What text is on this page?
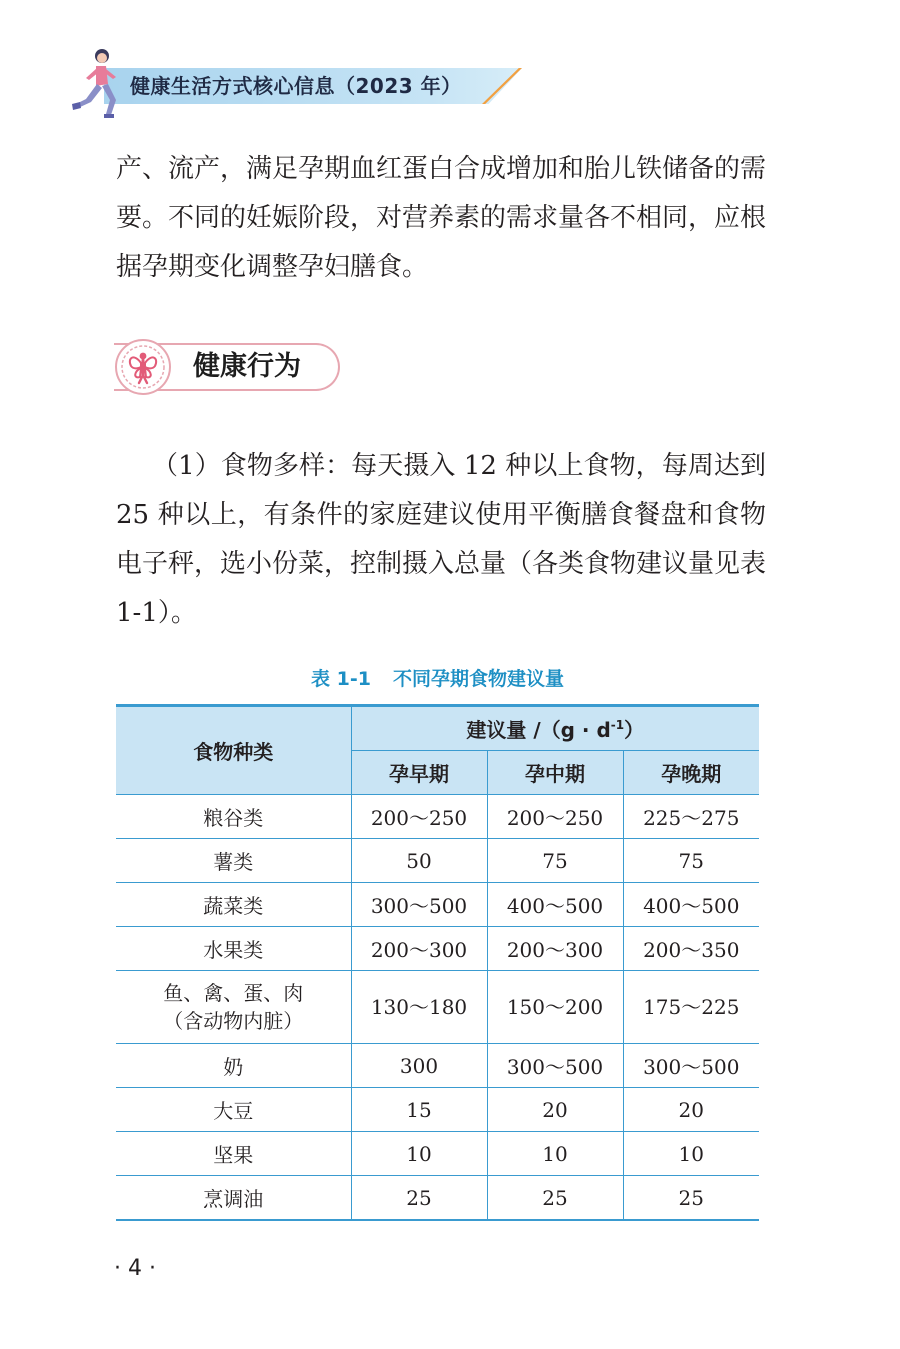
健康生活方式核心信息（2023 年）

产、流产，满足孕期血红蛋白合成增加和胎儿铁储备的需要。不同的妊娠阶段，对营养素的需求量各不相同，应根据孕期变化调整孕妇膳食。

健康行为

（1）食物多样：每天摄入 12 种以上食物，每周达到 25 种以上，有条件的家庭建议使用平衡膳食餐盘和食物电子秤，选小份菜，控制摄入总量（各类食物建议量见表 1-1）。

表 1-1 不同孕期食物建议量
食物种类	建议量 $/(g \cdot d^{-1})$		
	孕早期	孕中期	孕晚期
粮谷类	200～250	200～250	225～275
薯类	50	75	75
蔬菜类	300～500	400～500	400～500
水果类	200～300	200～300	200～350
鱼、禽、蛋、肉
（含动物内脏）	130～180	150～200	175～225
奶	300	300～500	300～500
大豆	15	20	20
坚果	10	10	10
烹调油	25	25	25
· 4 ·
